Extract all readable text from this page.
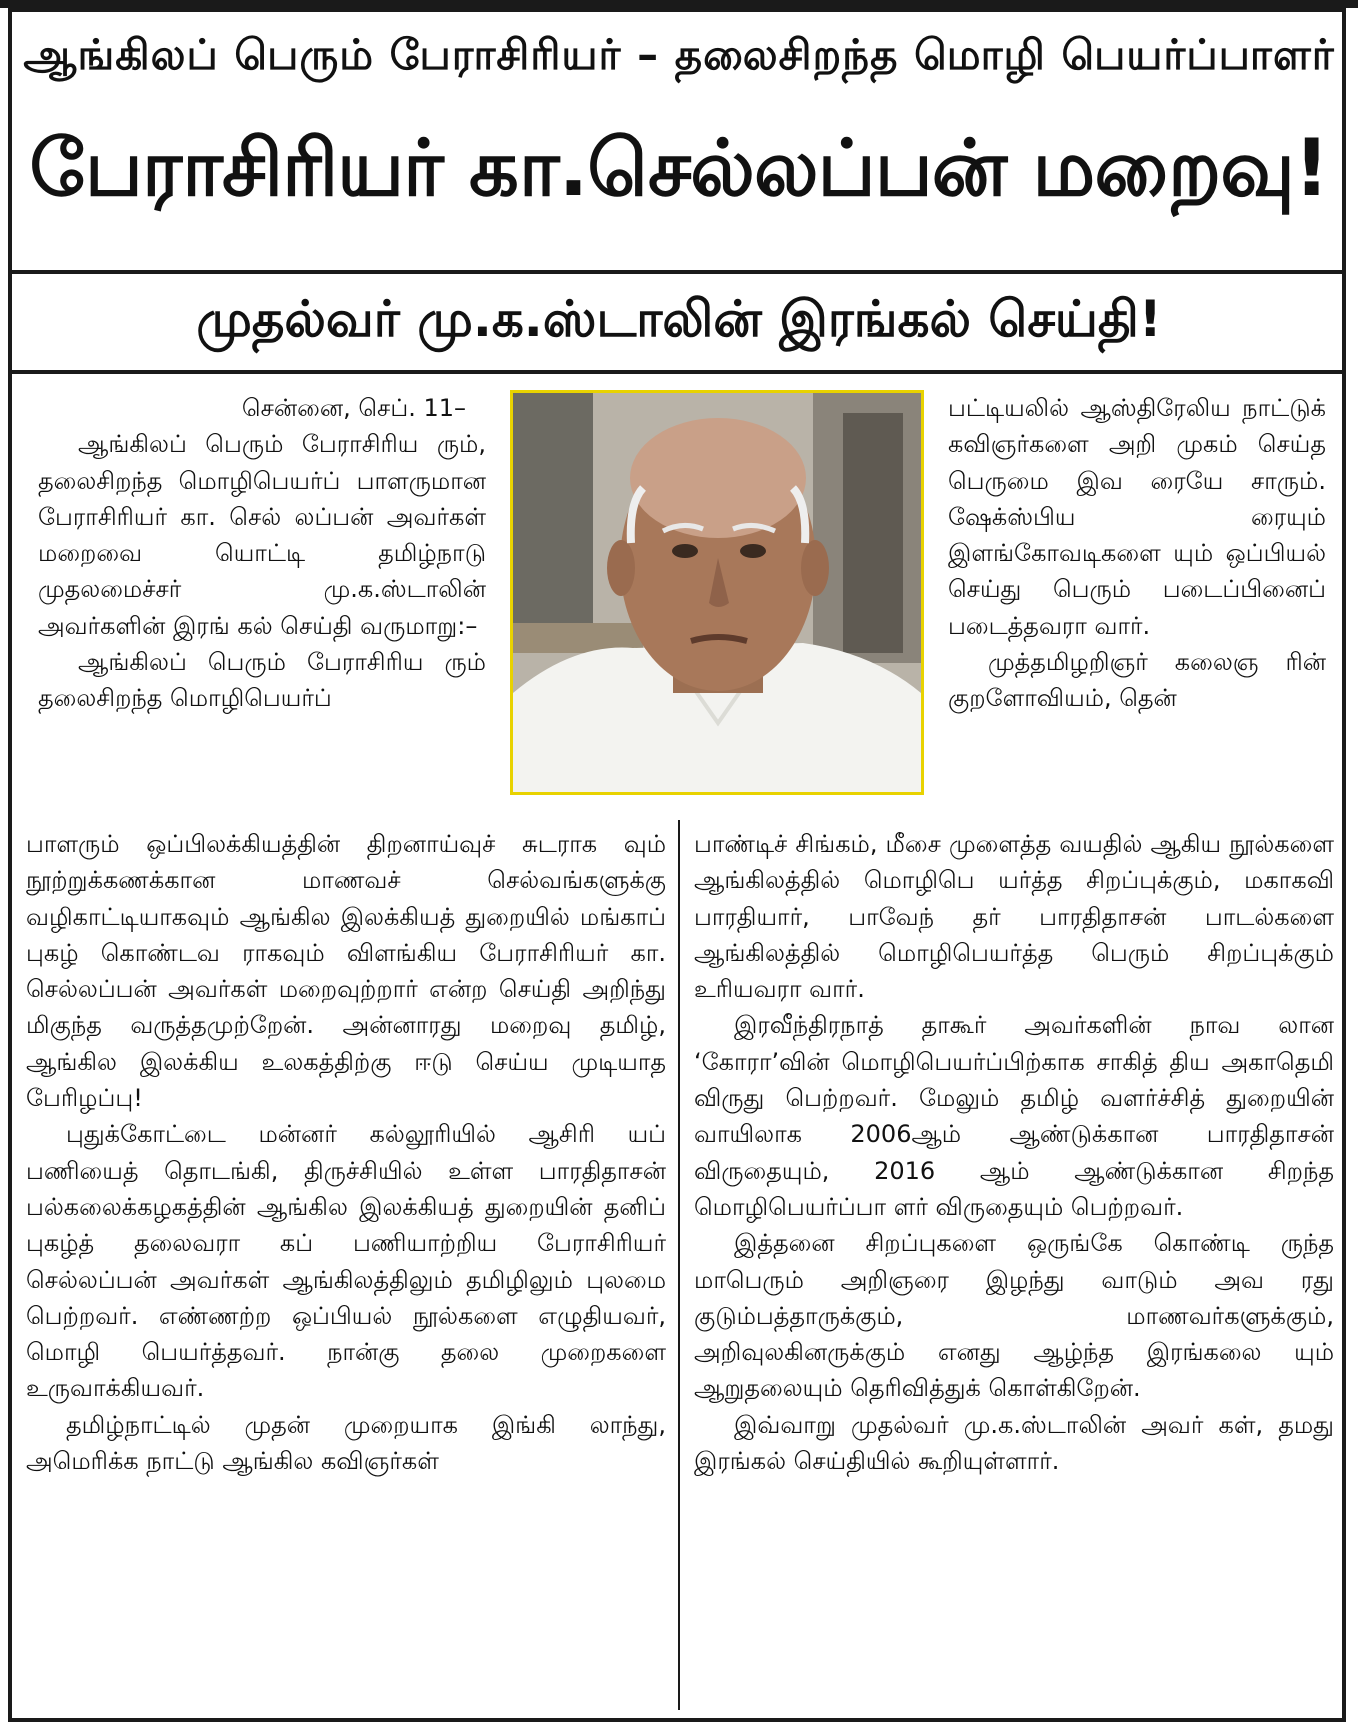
ஆங்கிலப் பெரும் பேராசிரியர் – தலைசிறந்த மொழி பெயர்ப்பாளர்
பேராசிரியர் கா.செல்லப்பன் மறைவு!
முதல்வர் மு.க.ஸ்டாலின் இரங்கல் செய்தி!

சென்னை, செப். 11–

ஆங்கிலப் பெரும் பேராசிரிய ரும், தலைசிறந்த மொழிபெயர்ப் பாளருமான பேராசிரியர் கா. செல் லப்பன் அவர்கள் மறைவை யொட்டி தமிழ்நாடு முதலமைச்சர் மு.க.ஸ்டாலின் அவர்களின் இரங் கல் செய்தி வருமாறு:–

ஆங்கிலப் பெரும் பேராசிரிய ரும் தலைசிறந்த மொழிபெயர்ப்

பட்டியலில் ஆஸ்திரேலிய நாட்டுக் கவிஞர்களை அறி முகம் செய்த பெருமை இவ ரையே சாரும். ஷேக்ஸ்பிய ரையும் இளங்கோவடிகளை யும் ஒப்பியல் செய்து பெரும் படைப்பினைப் படைத்தவரா வார்.

முத்தமிழறிஞர் கலைஞ ரின் குறளோவியம், தென்

பாளரும் ஒப்பிலக்கியத்தின் திறனாய்வுச் சுடராக வும் நூற்றுக்கணக்கான மாணவச் செல்வங்களுக்கு வழிகாட்டியாகவும் ஆங்கில இலக்கியத் துறையில் மங்காப் புகழ் கொண்டவ ராகவும் விளங்கிய பேராசிரியர் கா. செல்லப்பன் அவர்கள் மறைவுற்றார் என்ற செய்தி அறிந்து மிகுந்த வருத்தமுற்றேன். அன்னாரது மறைவு தமிழ், ஆங்கில இலக்கிய உலகத்திற்கு ஈடு செய்ய முடியாத பேரிழப்பு!

புதுக்கோட்டை மன்னர் கல்லூரியில் ஆசிரி யப் பணியைத் தொடங்கி, திருச்சியில் உள்ள பாரதிதாசன் பல்கலைக்கழகத்தின் ஆங்கில இலக்கியத் துறையின் தனிப் புகழ்த் தலைவரா கப் பணியாற்றிய பேராசிரியர் செல்லப்பன் அவர்கள் ஆங்கிலத்திலும் தமிழிலும் புலமை பெற்றவர். எண்ணற்ற ஒப்பியல் நூல்களை எழுதியவர், மொழி பெயர்த்தவர். நான்கு தலை முறைகளை உருவாக்கியவர்.

தமிழ்நாட்டில் முதன் முறையாக இங்கி லாந்து, அமெரிக்க நாட்டு ஆங்கில கவிஞர்கள்

பாண்டிச் சிங்கம், மீசை முளைத்த வயதில் ஆகிய நூல்களை ஆங்கிலத்தில் மொழிபெ யர்த்த சிறப்புக்கும், மகாகவி பாரதியார், பாவேந் தர் பாரதிதாசன் பாடல்களை ஆங்கிலத்தில் மொழிபெயர்த்த பெரும் சிறப்புக்கும் உரியவரா வார்.

இரவீந்திரநாத் தாகூர் அவர்களின் நாவ லான ‘கோரா’வின் மொழிபெயர்ப்பிற்காக சாகித் திய அகாதெமி விருது பெற்றவர். மேலும் தமிழ் வளர்ச்சித் துறையின் வாயிலாக 2006ஆம் ஆண்டுக்கான பாரதிதாசன் விருதையும், 2016 ஆம் ஆண்டுக்கான சிறந்த மொழிபெயர்ப்பா ளர் விருதையும் பெற்றவர்.

இத்தனை சிறப்புகளை ஒருங்கே கொண்டி ருந்த மாபெரும் அறிஞரை இழந்து வாடும் அவ ரது குடும்பத்தாருக்கும், மாணவர்களுக்கும், அறிவுலகினருக்கும் எனது ஆழ்ந்த இரங்கலை யும் ஆறுதலையும் தெரிவித்துக் கொள்கிறேன்.

இவ்வாறு முதல்வர் மு.க.ஸ்டாலின் அவர் கள், தமது இரங்கல் செய்தியில் கூறியுள்ளார்.
